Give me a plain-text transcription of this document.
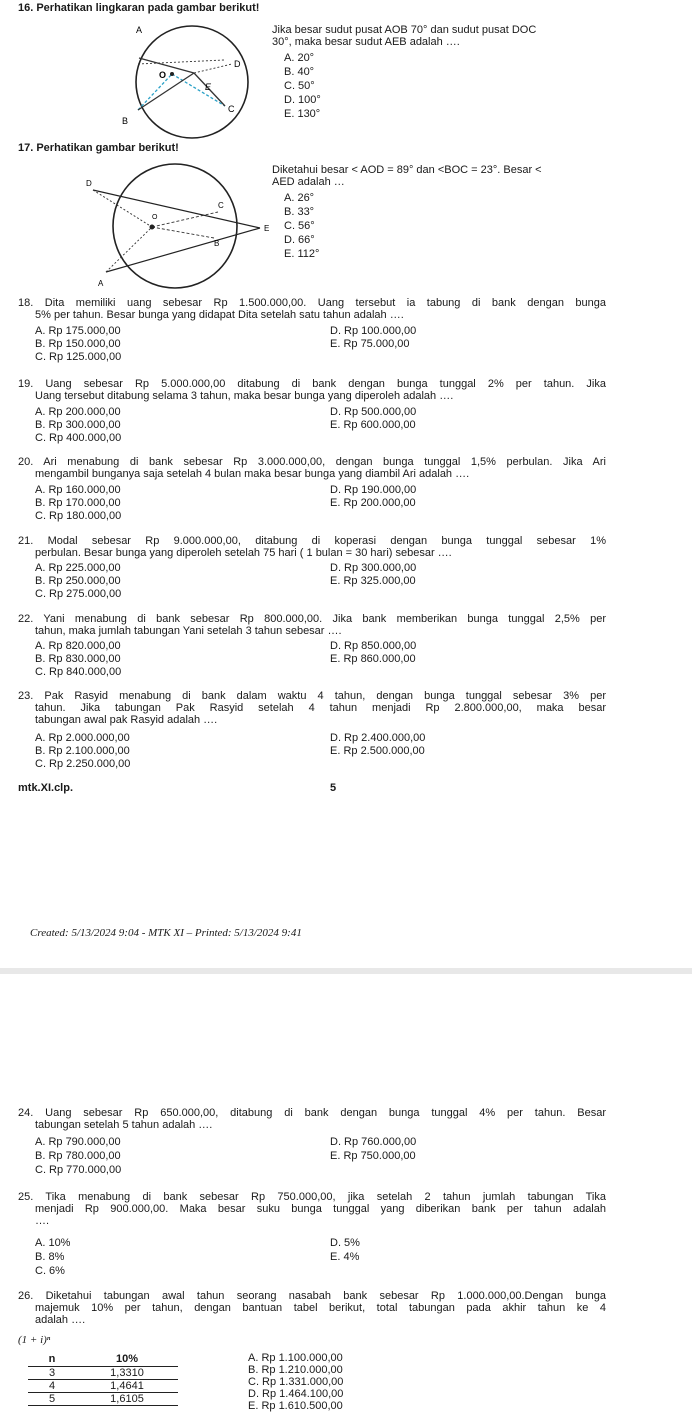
16. Perhatikan lingkaran pada gambar berikut!
A
D
O
E
C
B
Jika besar sudut pusat AOB 70° dan sudut pusat DOC
30°, maka besar sudut AEB adalah ….
A. 20°
B. 40°
C. 50°
D. 100°
E. 130°
17. Perhatikan gambar berikut!
D
C
O
E
B
A
Diketahui besar < AOD = 89° dan <BOC = 23°. Besar <
AED adalah …
A. 26°
B. 33°
C. 56°
D. 66°
E. 112°
18. Dita memiliki uang sebesar Rp 1.500.000,00. Uang tersebut ia tabung di bank dengan bunga
5% per tahun. Besar bunga yang didapat Dita setelah satu tahun adalah ….
A. Rp 175.000,00
B. Rp 150.000,00
C. Rp 125.000,00
D. Rp 100.000,00
E. Rp 75.000,00
19. Uang sebesar Rp 5.000.000,00 ditabung di bank dengan bunga tunggal 2% per tahun. Jika
Uang tersebut ditabung selama 3 tahun, maka besar bunga yang diperoleh adalah ….
A. Rp 200.000,00
B. Rp 300.000,00
C. Rp 400.000,00
D. Rp 500.000,00
E. Rp 600.000,00
20. Ari menabung di bank sebesar Rp 3.000.000,00, dengan bunga tunggal 1,5% perbulan. Jika Ari
mengambil bunganya saja setelah 4 bulan maka besar bunga yang diambil Ari adalah ….
A. Rp 160.000,00
B. Rp 170.000,00
C. Rp 180.000,00
D. Rp 190.000,00
E. Rp 200.000,00
21. Modal sebesar Rp 9.000.000,00, ditabung di koperasi dengan bunga tunggal sebesar 1%
perbulan. Besar bunga yang diperoleh setelah 75 hari ( 1 bulan = 30 hari) sebesar ….
A. Rp 225.000,00
B. Rp 250.000,00
C. Rp 275.000,00
D. Rp 300.000,00
E. Rp 325.000,00
22. Yani menabung di bank sebesar Rp 800.000,00. Jika bank memberikan bunga tunggal 2,5% per
tahun, maka jumlah tabungan Yani setelah 3 tahun sebesar ….
A. Rp 820.000,00
B. Rp 830.000,00
C. Rp 840.000,00
D. Rp 850.000,00
E. Rp 860.000,00
23. Pak Rasyid menabung di bank dalam waktu 4 tahun, dengan bunga tunggal sebesar 3% per
tahun. Jika tabungan Pak Rasyid setelah 4 tahun menjadi Rp 2.800.000,00, maka besar
tabungan awal pak Rasyid adalah ….
A. Rp 2.000.000,00
B. Rp 2.100.000,00
C. Rp 2.250.000,00
D. Rp 2.400.000,00
E. Rp 2.500.000,00
mtk.XI.clp.	5
Created: 5/13/2024 9:04 - MTK XI – Printed: 5/13/2024 9:41
24. Uang sebesar Rp 650.000,00, ditabung di bank dengan bunga tunggal 4% per tahun. Besar
tabungan setelah 5 tahun adalah ….
A. Rp 790.000,00
B. Rp 780.000,00
C. Rp 770.000,00
D. Rp 760.000,00
E. Rp 750.000,00
25. Tika menabung di bank sebesar Rp 750.000,00, jika setelah 2 tahun jumlah tabungan Tika
menjadi Rp 900.000,00. Maka besar suku bunga tunggal yang diberikan bank per tahun adalah
….
A. 10%
B. 8%
C. 6%
D. 5%
E. 4%
26. Diketahui tabungan awal tahun seorang nasabah bank sebesar Rp 1.000.000,00.Dengan bunga
majemuk 10% per tahun, dengan bantuan tabel berikut, total tabungan pada akhir tahun ke 4
adalah ….
(1 + i)ⁿ
n	10%
3	1,3310
4	1,4641
5	1,6105
A. Rp 1.100.000,00
B. Rp 1.210.000,00
C. Rp 1.331.000,00
D. Rp 1.464.100,00
E. Rp 1.610.500,00
